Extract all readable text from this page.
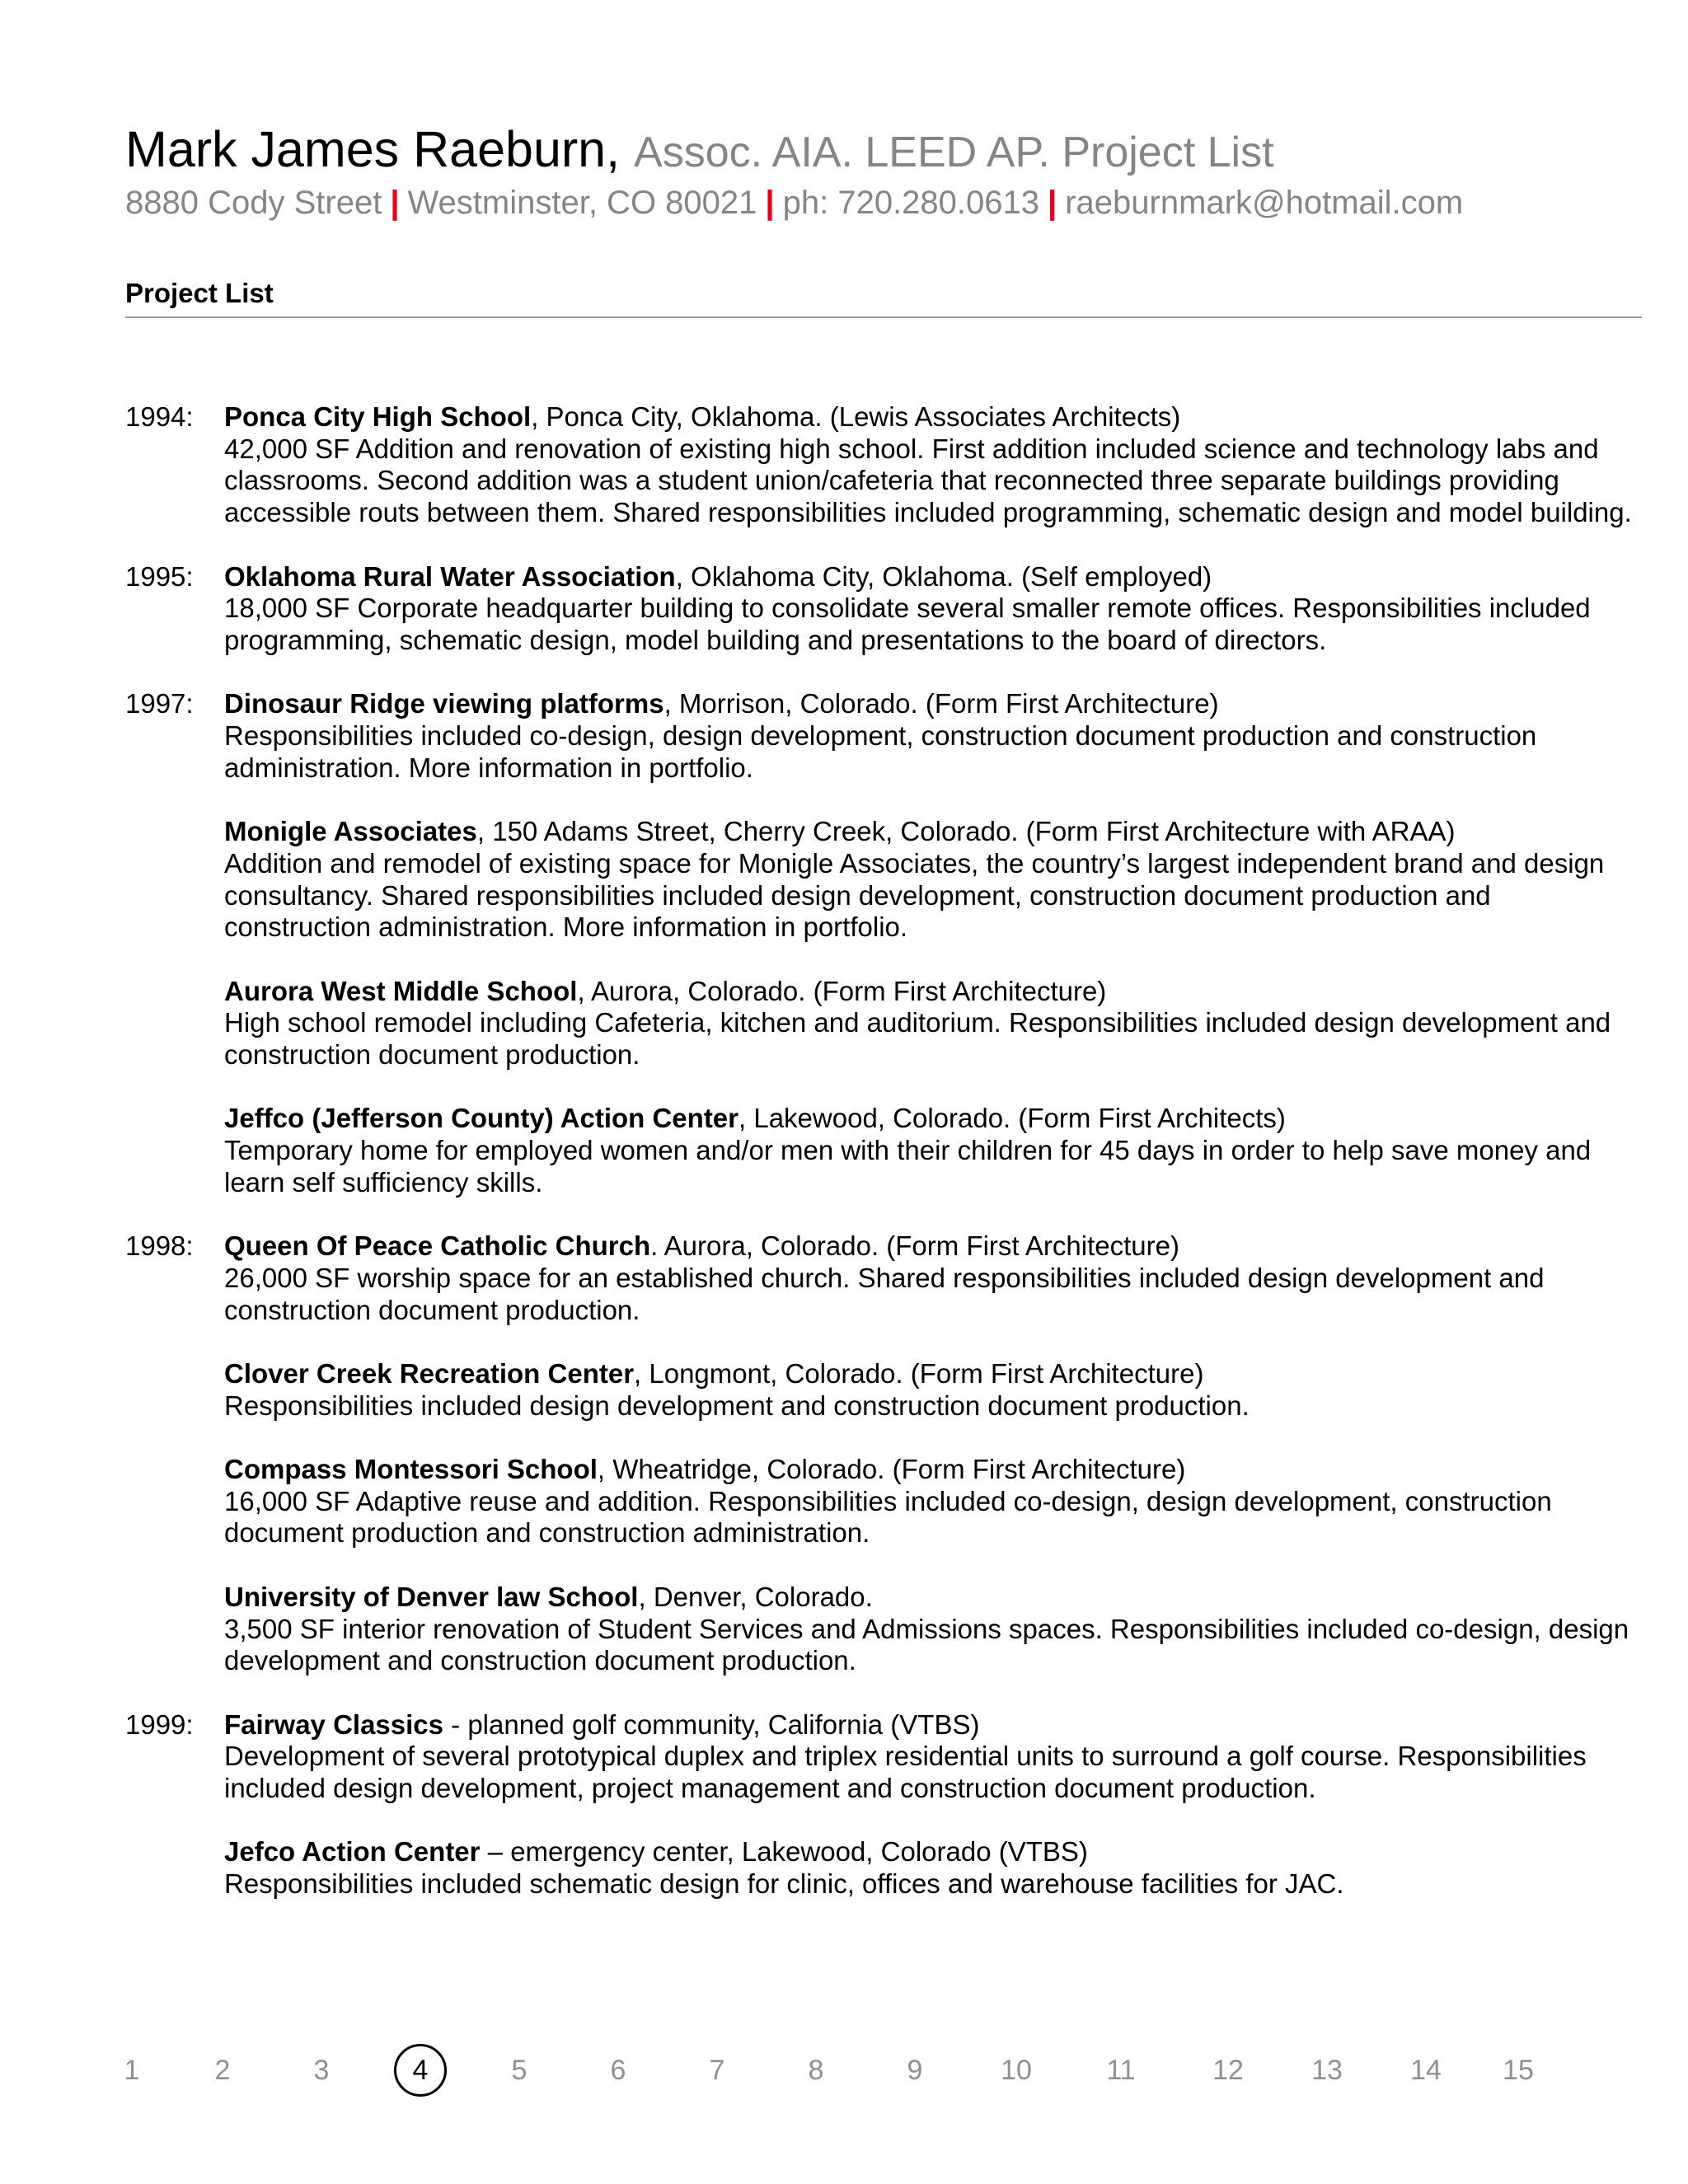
Mark James Raeburn, Assoc. AIA. LEED AP. Project List
8880 Cody Street | Westminster, CO 80021 | ph: 720.280.0613 | raeburnmark@hotmail.com
Project List
1994: Ponca City High School, Ponca City, Oklahoma. (Lewis Associates Architects)

42,000 SF Addition and renovation of existing high school. First addition included science and technology labs and classrooms. Second addition was a student union/cafeteria that reconnected three separate buildings providing accessible routs between them. Shared responsibilities included programming, schematic design and model building.

1995: Oklahoma Rural Water Association, Oklahoma City, Oklahoma. (Self employed)

18,000 SF Corporate headquarter building to consolidate several smaller remote offices. Responsibilities included programming, schematic design, model building and presentations to the board of directors.

1997: Dinosaur Ridge viewing platforms, Morrison, Colorado. (Form First Architecture)

Responsibilities included co-design, design development, construction document production and construction administration. More information in portfolio.

Monigle Associates, 150 Adams Street, Cherry Creek, Colorado. (Form First Architecture with ARAA)

Addition and remodel of existing space for Monigle Associates, the country’s largest independent brand and design consultancy. Shared responsibilities included design development, construction document production and construction administration. More information in portfolio.

Aurora West Middle School, Aurora, Colorado. (Form First Architecture)

High school remodel including Cafeteria, kitchen and auditorium. Responsibilities included design development and construction document production.

Jeffco (Jefferson County) Action Center, Lakewood, Colorado. (Form First Architects)

Temporary home for employed women and/or men with their children for 45 days in order to help save money and learn self sufficiency skills.

1998: Queen Of Peace Catholic Church. Aurora, Colorado. (Form First Architecture)

26,000 SF worship space for an established church. Shared responsibilities included design development and construction document production.

Clover Creek Recreation Center, Longmont, Colorado. (Form First Architecture)

Responsibilities included design development and construction document production.

Compass Montessori School, Wheatridge, Colorado. (Form First Architecture)

16,000 SF Adaptive reuse and addition. Responsibilities included co-design, design development, construction document production and construction administration.

University of Denver law School, Denver, Colorado.

3,500 SF interior renovation of Student Services and Admissions spaces. Responsibilities included co-design, design development and construction document production.

1999: Fairway Classics - planned golf community, California (VTBS)

Development of several prototypical duplex and triplex residential units to surround a golf course. Responsibilities included design development, project management and construction document production.

Jefco Action Center – emergency center, Lakewood, Colorado (VTBS)

Responsibilities included schematic design for clinic, offices and warehouse facilities for JAC.

1	2	3	4	5	6	7	8	9	10	11	12	13	14	15
